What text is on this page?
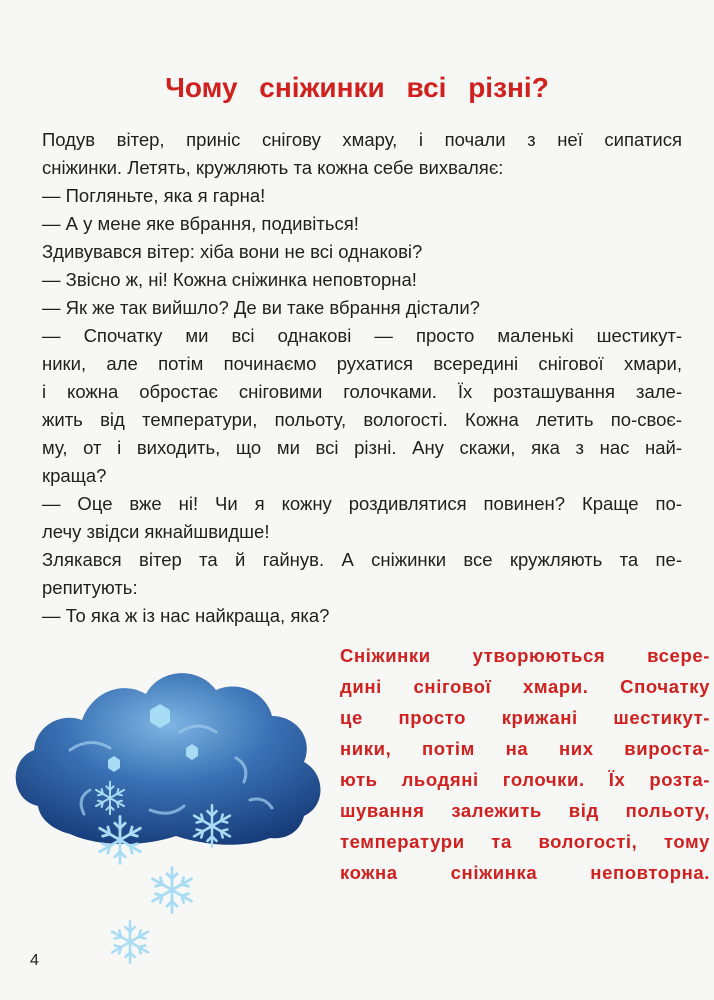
Чому сніжинки всі різні?
Подув вітер, приніс снігову хмару, і почали з неї сипатися
сніжинки. Летять, кружляють та кожна себе вихваляє:
— Погляньте, яка я гарна!
— А у мене яке вбрання, подивіться!
Здивувався вітер: хіба вони не всі однакові?
— Звісно ж, ні! Кожна сніжинка неповторна!
— Як же так вийшло? Де ви таке вбрання дістали?
— Спочатку ми всі однакові — просто маленькі шестикут-
ники, але потім починаємо рухатися всередині снігової хмари,
і кожна обростає сніговими голочками. Їх розташування зале-
жить від температури, польоту, вологості. Кожна летить по-своє-
му, от і виходить, що ми всі різні. Ану скажи, яка з нас най-
краща?
— Оце вже ні! Чи я кожну роздивлятися повинен? Краще по-
лечу звідси якнайшвидше!
Злякався вітер та й гайнув. А сніжинки все кружляють та пе-
репитують:
— То яка ж із нас найкраща, яка?
Сніжинки утворюються всере-
дині снігової хмари. Спочатку
це просто крижані шестикут-
ники, потім на них вироста-
ють льодяні голочки. Їх розта-
шування залежить від польоту,
температури та вологості, тому
кожна сніжинка неповторна.
4
